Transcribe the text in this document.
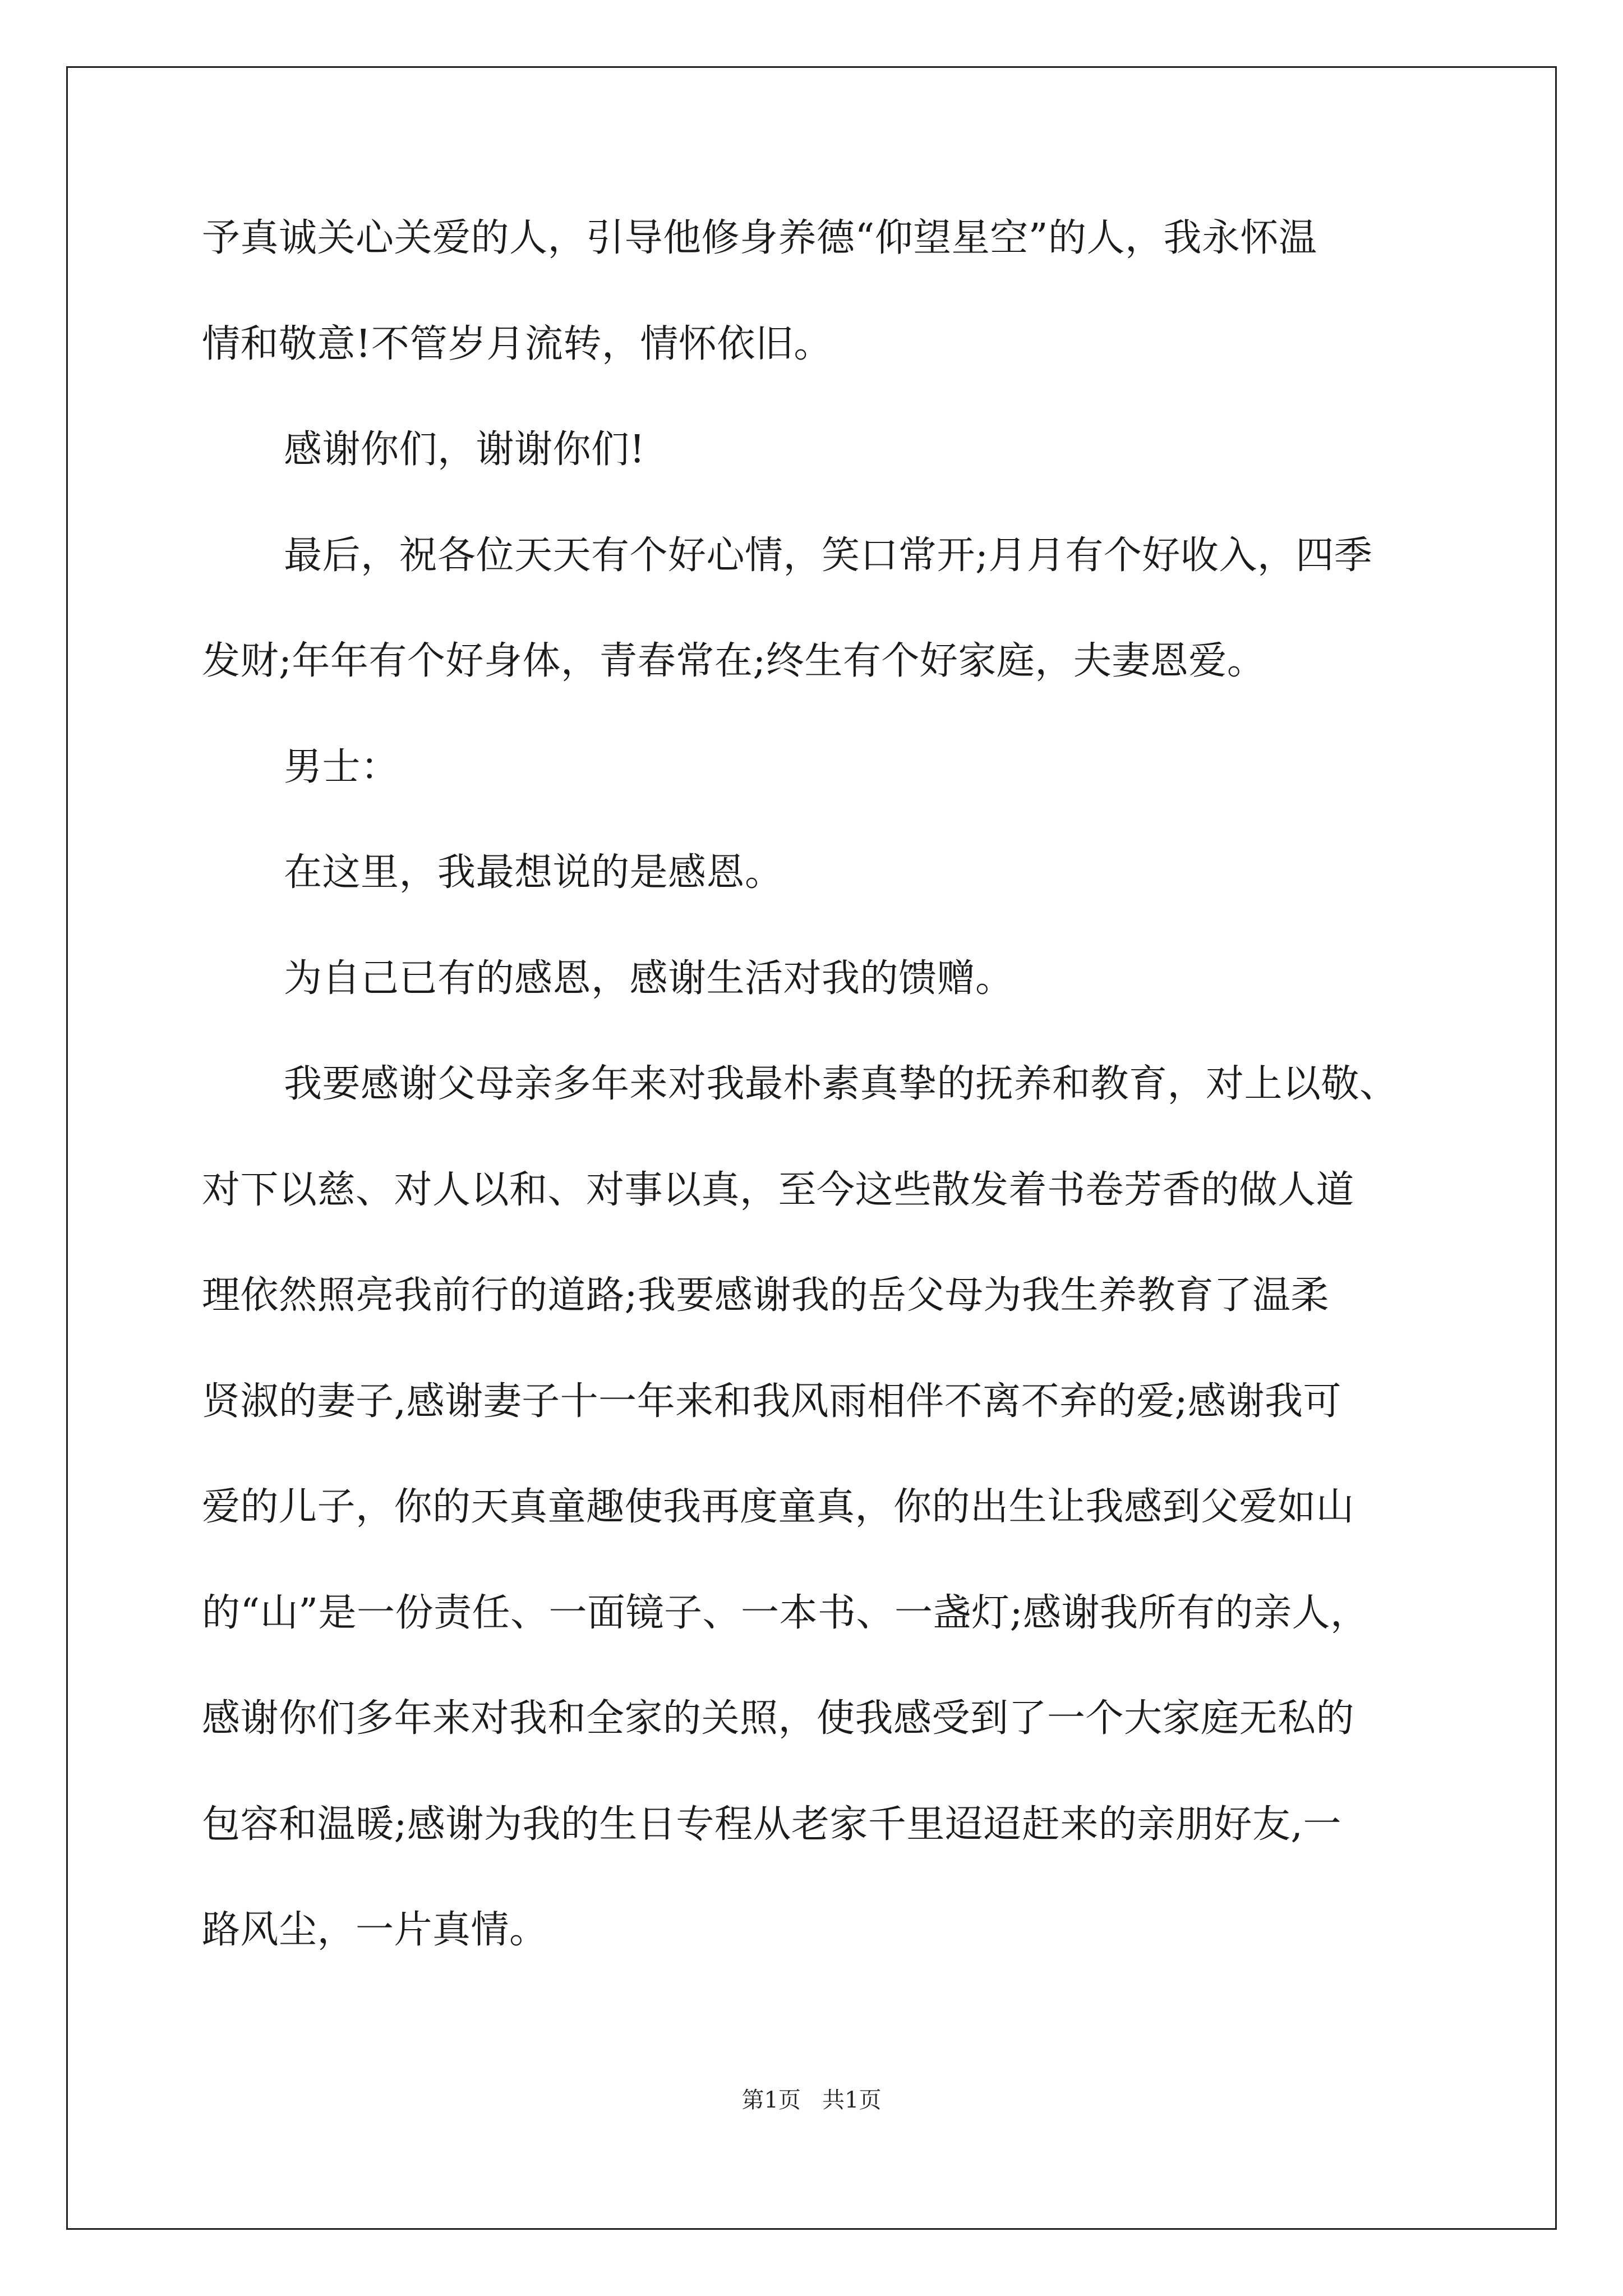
予真诚关心关爱的人，引导他修身养德“仰望星空”的人，我永怀温

情和敬意!不管岁月流转，情怀依旧。

感谢你们，谢谢你们!

最后，祝各位天天有个好心情，笑口常开;月月有个好收入，四季

发财;年年有个好身体，青春常在;终生有个好家庭，夫妻恩爱。

男士：

在这里，我最想说的是感恩。

为自己已有的感恩，感谢生活对我的馈赠。

我要感谢父母亲多年来对我最朴素真挚的抚养和教育，对上以敬、

对下以慈、对人以和、对事以真，至今这些散发着书卷芳香的做人道

理依然照亮我前行的道路;我要感谢我的岳父母为我生养教育了温柔

贤淑的妻子,感谢妻子十一年来和我风雨相伴不离不弃的爱;感谢我可

爱的儿子，你的天真童趣使我再度童真，你的出生让我感到父爱如山

的“山”是一份责任、一面镜子、一本书、一盏灯;感谢我所有的亲人，

感谢你们多年来对我和全家的关照，使我感受到了一个大家庭无私的

包容和温暖;感谢为我的生日专程从老家千里迢迢赶来的亲朋好友,一

路风尘，一片真情。

第1页   共1页
